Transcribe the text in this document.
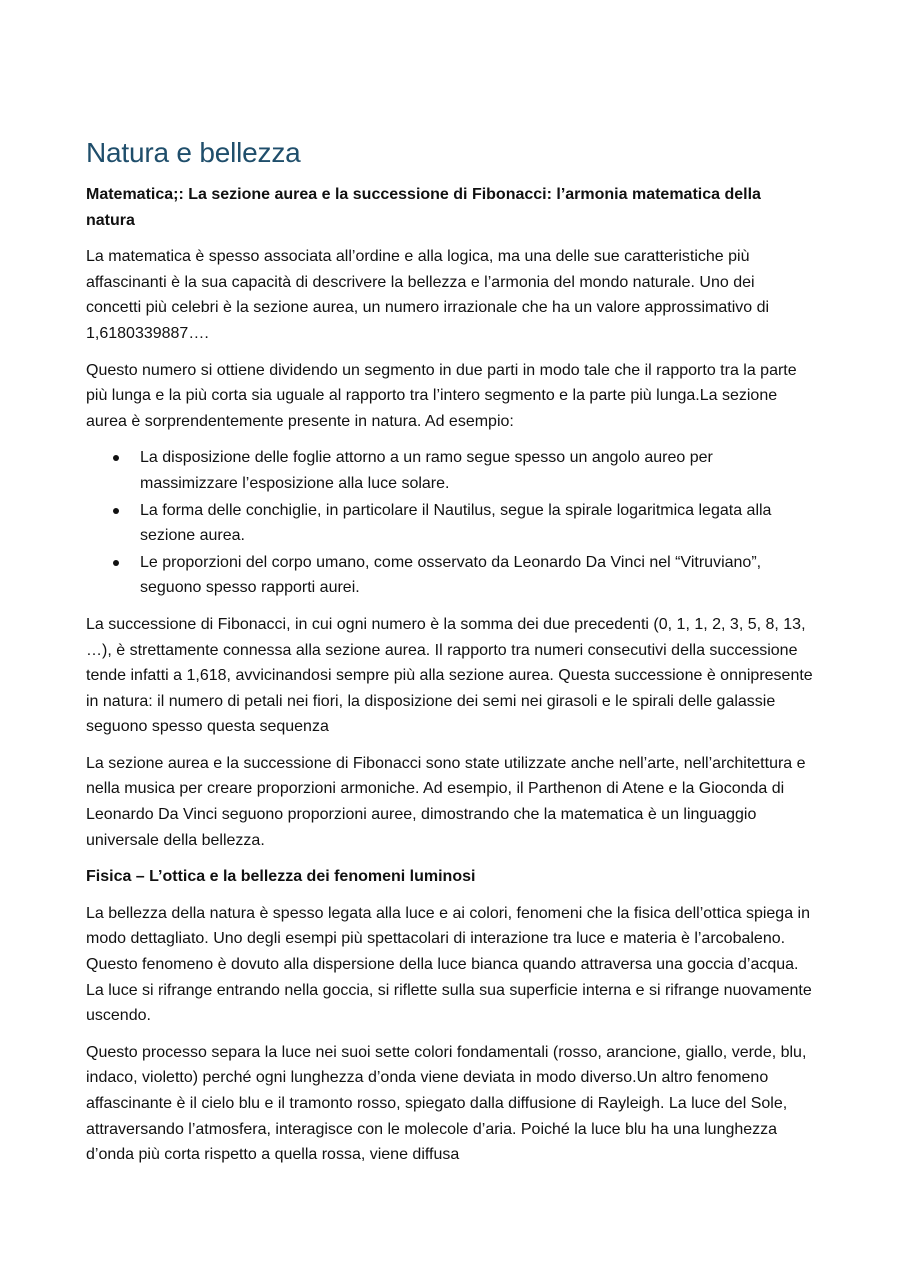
Natura e bellezza
Matematica;: La sezione aurea e la successione di Fibonacci: l’armonia matematica della natura

La matematica è spesso associata all’ordine e alla logica, ma una delle sue caratteristiche più affascinanti è la sua capacità di descrivere la bellezza e l’armonia del mondo naturale. Uno dei concetti più celebri è la sezione aurea, un numero irrazionale che ha un valore approssimativo di 1,6180339887….

Questo numero si ottiene dividendo un segmento in due parti in modo tale che il rapporto tra la parte più lunga e la più corta sia uguale al rapporto tra l’intero segmento e la parte più lunga.La sezione aurea è sorprendentemente presente in natura. Ad esempio:

La disposizione delle foglie attorno a un ramo segue spesso un angolo aureo per massimizzare l’esposizione alla luce solare.
La forma delle conchiglie, in particolare il Nautilus, segue la spirale logaritmica legata alla sezione aurea.
Le proporzioni del corpo umano, come osservato da Leonardo Da Vinci nel “Vitruviano”, seguono spesso rapporti aurei.

La successione di Fibonacci, in cui ogni numero è la somma dei due precedenti (0, 1, 1, 2, 3, 5, 8, 13, …), è strettamente connessa alla sezione aurea. Il rapporto tra numeri consecutivi della successione tende infatti a 1,618, avvicinandosi sempre più alla sezione aurea. Questa successione è onnipresente in natura: il numero di petali nei fiori, la disposizione dei semi nei girasoli e le spirali delle galassie seguono spesso questa sequenza

La sezione aurea e la successione di Fibonacci sono state utilizzate anche nell’arte, nell’architettura e nella musica per creare proporzioni armoniche. Ad esempio, il Parthenon di Atene e la Gioconda di Leonardo Da Vinci seguono proporzioni auree, dimostrando che la matematica è un linguaggio universale della bellezza.

Fisica – L’ottica e la bellezza dei fenomeni luminosi

La bellezza della natura è spesso legata alla luce e ai colori, fenomeni che la fisica dell’ottica spiega in modo dettagliato. Uno degli esempi più spettacolari di interazione tra luce e materia è l’arcobaleno. Questo fenomeno è dovuto alla dispersione della luce bianca quando attraversa una goccia d’acqua. La luce si rifrange entrando nella goccia, si riflette sulla sua superficie interna e si rifrange nuovamente uscendo.

Questo processo separa la luce nei suoi sette colori fondamentali (rosso, arancione, giallo, verde, blu, indaco, violetto) perché ogni lunghezza d’onda viene deviata in modo diverso.Un altro fenomeno affascinante è il cielo blu e il tramonto rosso, spiegato dalla diffusione di Rayleigh. La luce del Sole, attraversando l’atmosfera, interagisce con le molecole d’aria. Poiché la luce blu ha una lunghezza d’onda più corta rispetto a quella rossa, viene diffusa
